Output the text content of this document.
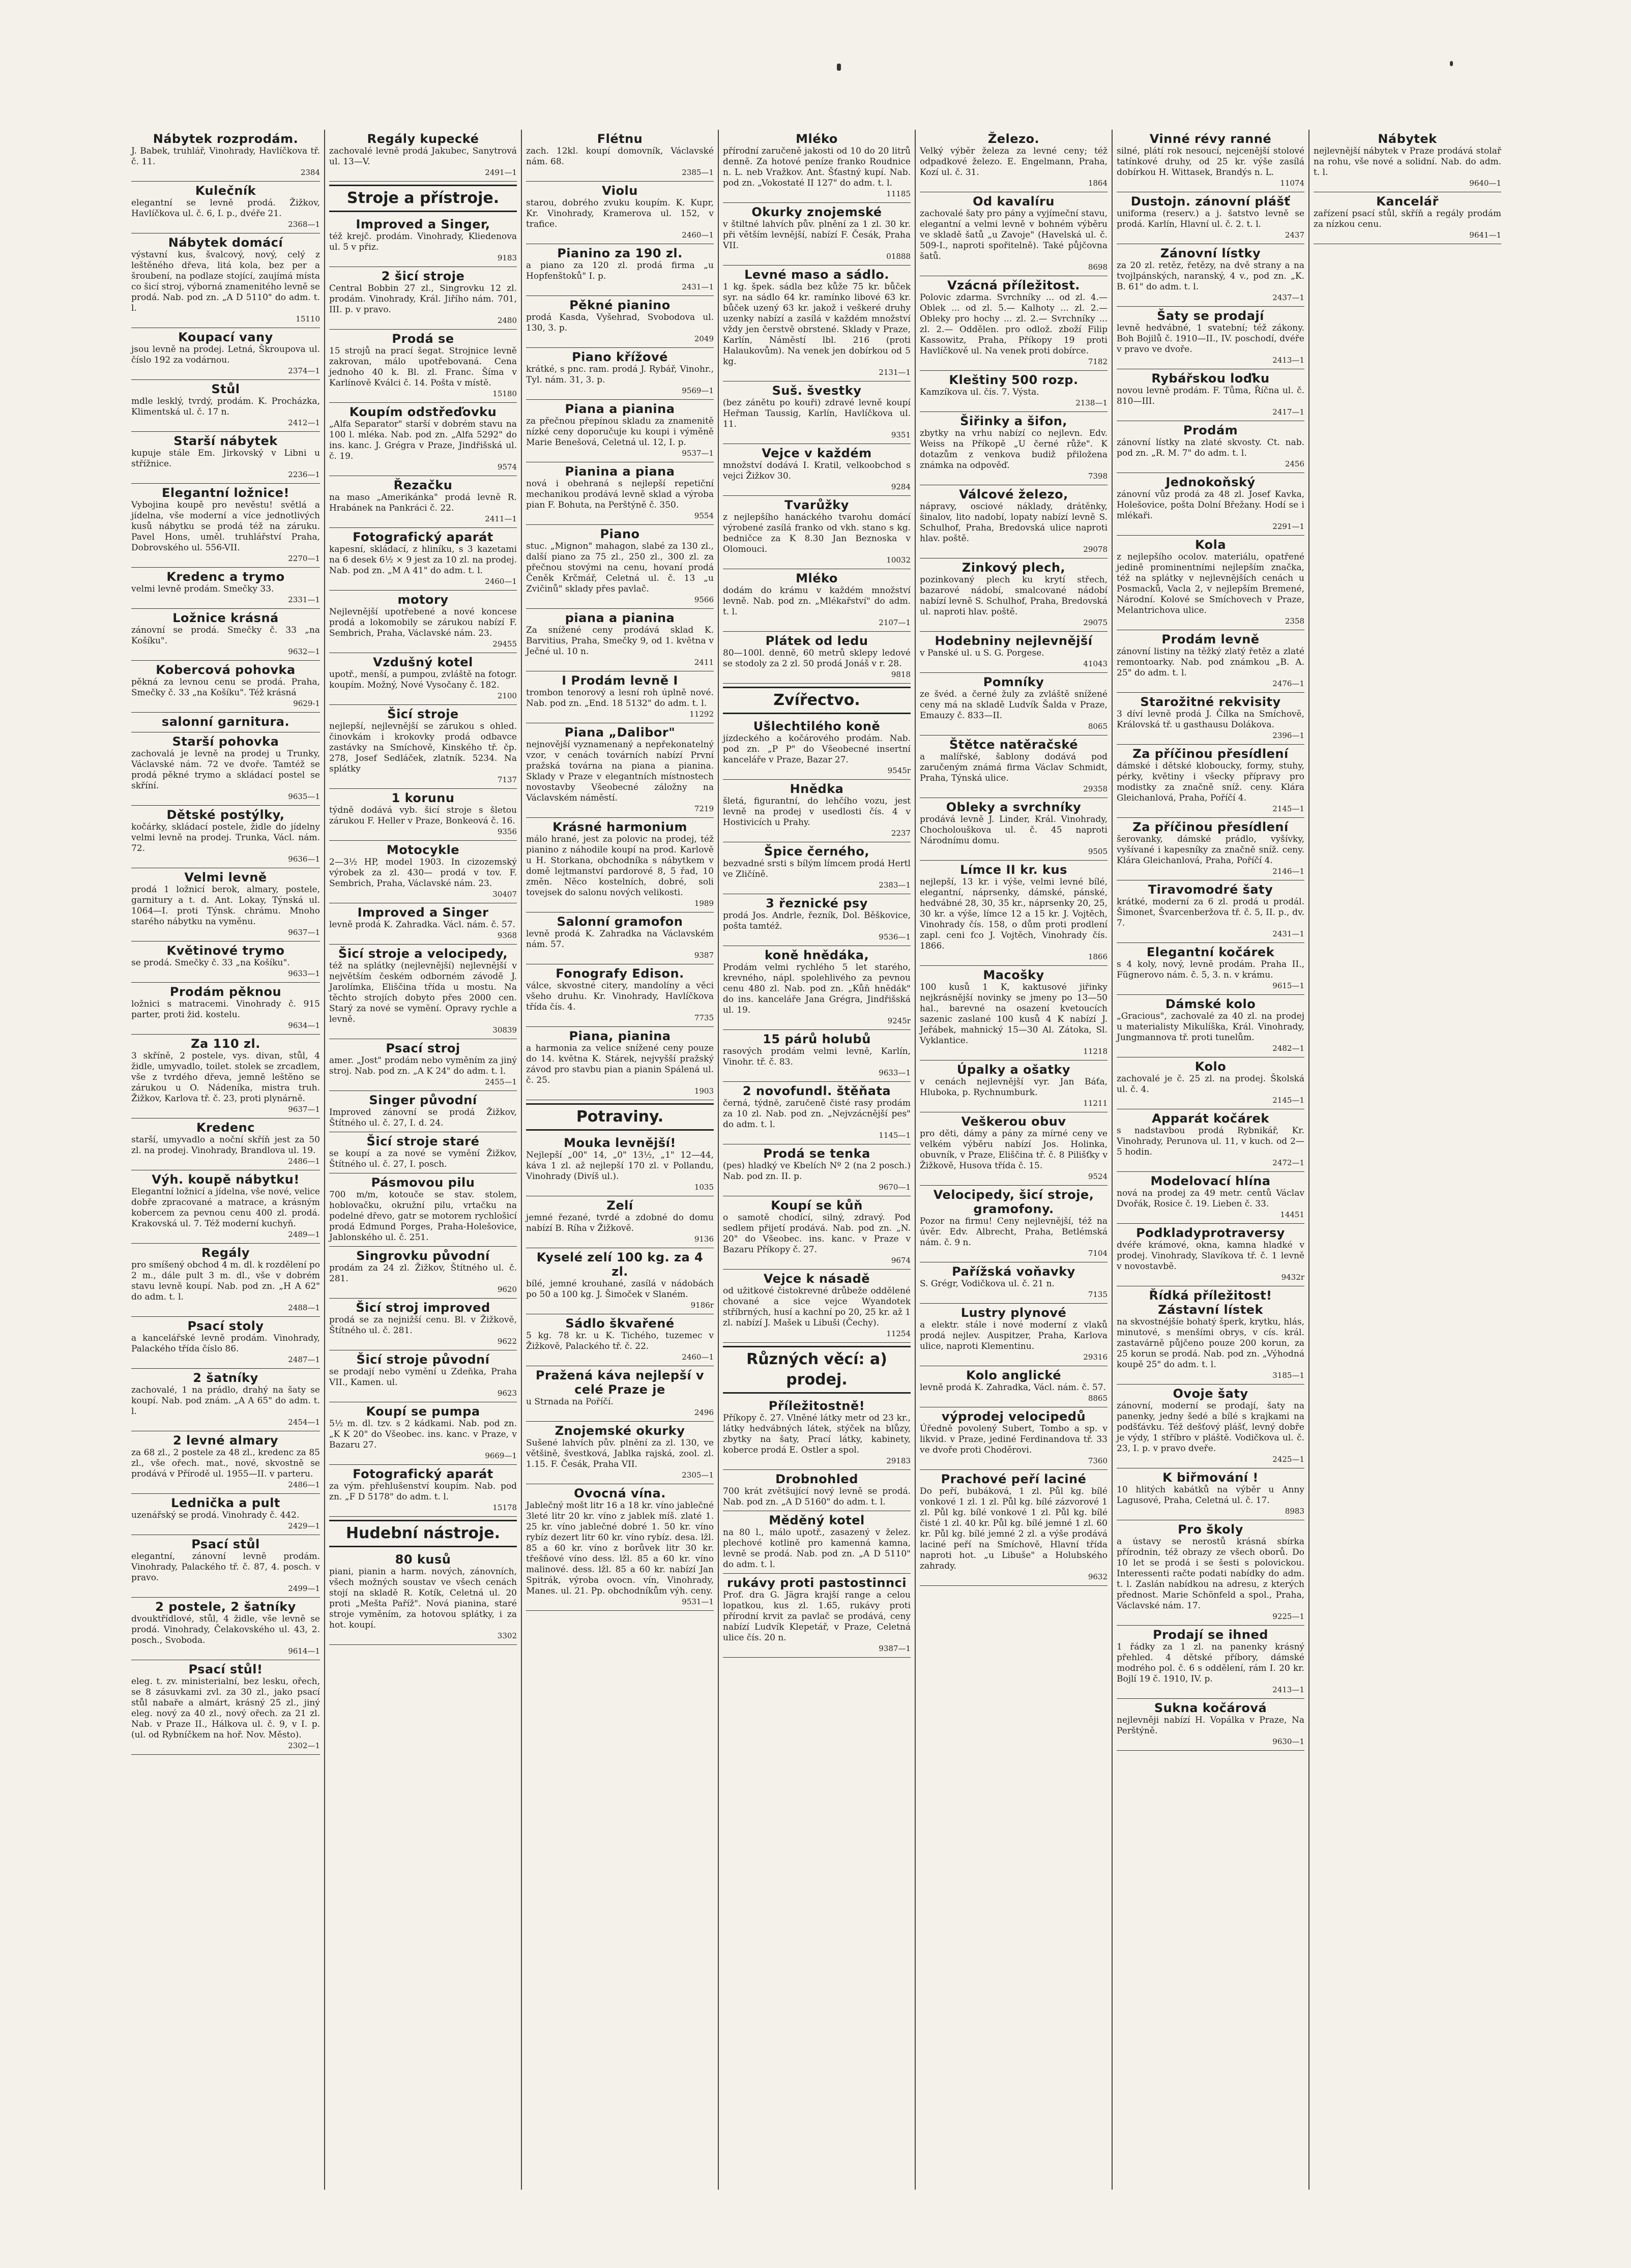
Nábytek rozprodám.
J. Babek, truhlář, Vinohrady, Havlíčkova tř. č. 11.
2384
Kulečník
elegantní se levně prodá. Žižkov, Havlíčkova ul. č. 6, I. p., dvéře 21.
2368—1
Nábytek domácí
výstavní kus, švalcový, nový, celý z leštěného dřeva, litá kola, bez per a šroubení, na podlaze stojící, zaujímá místa co šicí stroj, výborná znamenitého levně se prodá. Nab. pod zn. „A D 5110" do adm. t. l.
15110
Koupací vany
jsou levně na prodej. Letná, Škroupova ul. číslo 192 za vodárnou.
2374—1
Stůl
mdle lesklý, tvrdý, prodám. K. Procházka, Klimentská ul. č. 17 n.
2412—1
Starší nábytek
kupuje stále Em. Jirkovský v Libni u střížnice.
2236—1
Elegantní ložnice!
Vybojina koupě pro nevěstu! světlá a jídelna, vše moderní a více jednotlivých kusů nábytku se prodá též na záruku. Pavel Hons, uměl. truhlářství Praha, Dobrovského ul. 556-VII.
2270—1
Kredenc a trymo
velmi levně prodám. Smečky 33.
2331—1
Ložnice krásná
zánovní se prodá. Smečky č. 33 „na Košíku".
9632—1
Kobercová pohovka
pěkná za levnou cenu se prodá. Praha, Smečky č. 33 „na Košíku". Též krásná
9629-1
salonní garnitura.
Starší pohovka
zachovalá je levně na prodej u Trunky, Václavské nám. 72 ve dvoře. Tamtéž se prodá pěkné trymo a skládací postel se skříní.
9635—1
Dětské postýlky,
kočárky, skládací postele, židle do jídelny velmi levně na prodej. Trunka, Václ. nám. 72.
9636—1
Velmi levně
prodá 1 ložnicí berok, almary, postele, garnitury a t. d. Ant. Lokay, Týnská ul. 1064—I. proti Týnsk. chrámu. Mnoho starého nábytku na vyměnu.
9637—1
Květinové trymo
se prodá. Smečky č. 33 „na Košíku".
9633—1
Prodám pěknou
ložnici s matracemi. Vinohrady č. 915 parter, proti žid. kostelu.
9634—1
Za 110 zl.
3 skříně, 2 postele, vys. divan, stůl, 4 židle, umyvadlo, toilet. stolek se zrcadlem, vše z tvrdého dřeva, jemně leštěno se zárukou u O. Nádeníka, mistra truh. Žižkov, Karlova tř. č. 23, proti plynárně.
9637—1
Kredenc
starší, umyvadlo a noční skříň jest za 50 zl. na prodej. Vinohrady, Brandlova ul. 19.
2486—1
Výh. koupě nábytku!
Elegantní ložnicí a jídelna, vše nové, velice dobře zpracované a matrace, a krásným kobercem za pevnou cenu 400 zl. prodá. Krakovská ul. 7. Též moderní kuchyň.
2489—1
Regály
pro smíšený obchod 4 m. dl. k rozdělení po 2 m., dále pult 3 m. dl., vše v dobrém stavu levně koupí. Nab. pod zn. „H A 62" do adm. t. l.
2488—1
Psací stoly
a kancelářské levně prodám. Vinohrady, Palackého třída číslo 86.
2487—1
2 šatníky
zachovalé, 1 na prádlo, drahý na šaty se koupí. Nab. pod znám. „A A 65" do adm. t. l.
2454—1
2 levné almary
za 68 zl., 2 postele za 48 zl., kredenc za 85 zl., vše ořech. mat., nové, skvostně se prodává v Přírodě ul. 1955—II. v parteru.
2486—1
Lednička a pult
uzenářský se prodá. Vinohrady č. 442.
2429—1
Psací stůl
elegantní, zánovní levně prodám. Vinohrady, Palackého tř. č. 87, 4. posch. v pravo.
2499—1
2 postele, 2 šatníky
dvouktřídlové, stůl, 4 židle, vše levně se prodá. Vinohrady, Čelakovského ul. 43, 2. posch., Svoboda.
9614—1
Psací stůl!
eleg. t. zv. ministerialní, bez lesku, ořech, se 8 zásuvkami zvl. za 30 zl., jako psací stůl nabaře a almárt, krásný 25 zl., jiný eleg. nový za 40 zl., nový ořech. za 21 zl. Nab. v Praze II., Hálkova ul. č. 9, v I. p. (ul. od Rybníčkem na hoř. Nov. Město).
2302—1
Regály kupecké
zachovalé levně prodá Jakubec, Sanytrová ul. 13—V.
2491—1
Stroje a přístroje.
Improved a Singer,
též krejč. prodám. Vinohrady, Kliedenova ul. 5 v přiz.
9183
2 šicí stroje
Central Bobbin 27 zl., Singrovku 12 zl. prodám. Vinohrady, Král. Jiřího nám. 701, III. p. v pravo.
2480
Prodá se
15 strojů na prací šegat. Strojnice levně zakrovan, málo upotřebovaná. Cena jednoho 40 k. Bl. zl. Franc. Šíma v Karlínově Kválci č. 14. Pošta v místě.
15180
Koupím odstřeďovku
„Alfa Separator" starší v dobrém stavu na 100 l. mléka. Nab. pod zn. „Alfa 5292" do ins. kanc. J. Grégra v Praze, Jindřišská ul. č. 19.
9574
Řezačku
na maso „Amerikánka" prodá levně R. Hrabánek na Pankráci č. 22.
2411—1
Fotografický aparát
kapesní, skládací, z hliníku, s 3 kazetami na 6 desek 6½ × 9 jest za 10 zl. na prodej. Nab. pod zn. „M A 41" do adm. t. l.
2460—1
motory
Nejlevnější upotřebené a nové koncese prodá a lokomobily se zárukou nabízí F. Sembrich, Praha, Václavské nám. 23.
29455
Vzdušný kotel
upotř., menší, a pumpou, zvláště na fotogr. koupím. Možný, Nové Vysočany č. 182.
2100
Šicí stroje
nejlepší, nejlevnější se zárukou s ohled. činovkám i krokovky prodá odbavce zastávky na Smíchově, Kinského tř. čp. 278, Josef Sedláček, zlatník. 5234. Na splátky
7137
1 korunu
týdně dodává vyb. šicí stroje s šletou zárukou F. Heller v Praze, Bonkeová č. 16.
9356
Motocykle
2—3½ HP, model 1903. In cizozemský výrobek za zl. 430— prodá v tov. F. Sembrich, Praha, Václavské nám. 23.
30407
Improved a Singer
levně prodá K. Zahradka. Václ. nám. č. 57.
9368
Šicí stroje a velocipedy,
též na splátky (nejlevnější) nejlevnější v největším českém odborném závodě J. Jarolímka, Eliščina třída u mostu. Na těchto strojích dobyto přes 2000 cen. Starý za nové se vymění. Opravy rychle a levně.
30839
Psací stroj
amer. „Jost" prodám nebo vyměním za jiný stroj. Nab. pod zn. „A K 24" do adm. t. l.
2455—1
Singer původní
Improved zánovní se prodá Žižkov, Štítného ul. č. 27, I. d. 24.
Šicí stroje staré
se koupí a za nové se vymění Žižkov, Štítného ul. č. 27, I. posch.
Pásmovou pilu
700 m/m, kotouče se stav. stolem, hoblovačku, okružní pilu, vrtačku na podelné dřevo, gatr se motorem rychlošicí prodá Edmund Porges, Praha-Holešovice, Jablonského ul. č. 251.
Singrovku původní
prodám za 24 zl. Žižkov, Štítného ul. č. 281.
9620
Šicí stroj improved
prodá se za nejnižší cenu. Bl. v Žižkově, Štítného ul. č. 281.
9622
Šicí stroje původní
se prodají nebo vymění u Zdeňka, Praha VII., Kamen. ul.
9623
Koupí se pumpa
5½ m. dl. tzv. s 2 kádkami. Nab. pod zn. „K K 20" do Všeobec. ins. kanc. v Praze, v Bazaru 27.
9669—1
Fotografický aparát
za vým. přehlušenství koupím. Nab. pod zn. „F D 5178" do adm. t. l.
15178
Hudební nástroje.
80 kusů
piani, pianin a harm. nových, zánovních, všech možných soustav ve všech cenách stojí na skladě R. Kotík, Celetná ul. 20 proti „Mešta Paříž". Nová pianina, staré stroje vyměním, za hotovou splátky, i za hot. koupí.
3302
Flétnu
zach. 12kl. koupí domovník, Václavské nám. 68.
2385—1
Violu
starou, dobrého zvuku koupím. K. Kupr, Kr. Vinohrady, Kramerova ul. 152, v trafice.
2460—1
Pianino za 190 zl.
a piano za 120 zl. prodá firma „u Hopfenštoků" I. p.
2431—1
Pěkné pianino
prodá Kasda, Vyšehrad, Svobodova ul. 130, 3. p.
2049
Piano křížové
krátké, s pnc. ram. prodá J. Rybář, Vinohr., Tyl. nám. 31, 3. p.
9569—1
Piana a pianina
za přečnou přepínou skladu za znamenitě nízké ceny doporučuje ku koupi i výměně Marie Benešová, Celetná ul. 12, I. p.
9537—1
Pianina a piana
nová i obehraná s nejlepší repetiční mechanikou prodává levně sklad a výroba pian F. Bohuta, na Perštýně č. 350.
9554
Piano
stuc. „Mignon" mahagon, slabé za 130 zl., další piano za 75 zl., 250 zl., 300 zl. za přečnou stovými na cenu, hovaní prodá Čeněk Krčmář, Celetná ul. č. 13 „u Zvičinů" sklady přes pavlač.
9566
piana a pianina
Za snížené ceny prodává sklad K. Barvitius, Praha, Smečky 9, od 1. května v Ječné ul. 10 n.
2411
I Prodám levně I
trombon tenorový a lesní roh úplně nové. Nab. pod zn. „End. 18 5132" do adm. t. l.
11292
Piana „Dalibor"
nejnovější vyznamenaný a nepřekonatelný vzor, v cenách továrních nabízí První pražská továrna na piana a pianina. Sklady v Praze v elegantních místnostech novostavby Všeobecné záložny na Václavském náměstí.
7219
Krásné harmonium
málo hrané, jest za polovic na prodej, též pianino z náhodile koupí na prod. Karlově u H. Storkana, obchodníka s nábytkem v domě lejtmanství pardorové 8, 5 řad, 10 změn. Něco kostelních, dobré, soli tovejsek do salonu nových velikosti.
1989
Salonní gramofon
levně prodá K. Zahradka na Václavském nám. 57.
9387
Fonografy Edison.
válce, skvostné citery, mandolíny a věci všeho druhu. Kr. Vinohrady, Havlíčkova třída čís. 4.
7735
Piana, pianina
a harmonia za velice snížené ceny pouze do 14. května K. Stárek, nejvyšší pražský závod pro stavbu pian a pianin Spálená ul. č. 25.
1903
Potraviny.
Mouka levnější!
Nejlepší „00" 14, „0" 13½, „1" 12—44, káva 1 zl. až nejlepší 170 zl. v Pollandu, Vinohrady (Divíš ul.).
1035
Zelí
jemné řezané, tvrdé a zdobné do domu nabízí B. Ríha v Žižkově.
9136
Kyselé zelí 100 kg. za 4 zl.
bílé, jemné krouhané, zasílá v nádobách po 50 a 100 kg. J. Šimoček v Slaném.
9186r
Sádlo škvařené
5 kg. 78 kr. u K. Tichého, tuzemec v Žižkově, Palackého tř. č. 22.
2460—1
Pražená káva nejlepší v celé Praze je
u Strnada na Poříčí.
2496
Znojemské okurky
Sušené lahvích pův. plnění za zl. 130, ve většině, švestková, Jablka rajská, zool. zl. 1.15. F. Česák, Praha VII.
2305—1
Ovocná vína.
Jablečný mošt litr 16 a 18 kr. víno jablečné 3leté litr 20 kr. víno z jablek míš. zlaté 1. 25 kr. víno jablečné dobré 1. 50 kr. víno rybíz dezert litr 60 kr. víno rybíz. desa. lžl. 85 a 60 kr. víno z borůvek litr 30 kr. třešňové víno dess. lžl. 85 a 60 kr. víno malinové. dess. lžl. 85 a 60 kr. nabízí Jan Spitrák, výroba ovocn. vín, Vinohrady, Manes. ul. 21. Pp. obchodníkům výh. ceny.
9531—1
Mléko
přírodní zaručeně jakosti od 10 do 20 litrů denně. Za hotové peníze franko Roudnice n. L. neb Vražkov. Ant. Šťastný kupí. Nab. pod zn. „Vokostaté II 127" do adm. t. l.
11185
Okurky znojemské
v štiltné lahvích pův. plnění za 1 zl. 30 kr. při větším levnější, nabízí F. Česák, Praha VII.
01888
Levné maso a sádlo.
1 kg. špek. sádla bez kůže 75 kr. bůček syr. na sádlo 64 kr. ramínko libové 63 kr. bůček uzený 63 kr. jakož i veškeré druhy uzenky nabízí a zasílá v každém množství vždy jen čerstvě obrstené. Sklady v Praze, Karlín, Náměstí lbl. 216 (proti Halaukovům). Na venek jen dobírkou od 5 kg.
2131—1
Suš. švestky
(bez zánětu po kouři) zdravé levně koupí Heřman Taussig, Karlín, Havlíčkova ul. 11.
9351
Vejce v každém
množství dodává I. Kratil, velkoobchod s vejci Žižkov 30.
9284
Tvarůžky
z nejlepšího hanáckého tvarohu domácí výrobené zasílá franko od vkh. stano s kg. bedničce za K 8.30 Jan Beznoska v Olomouci.
10032
Mléko
dodám do krámu v každém množství levně. Nab. pod zn. „Mlékařství" do adm. t. l.
2107—1
Plátek od ledu
80—100l. denně, 60 metrů sklepy ledové se stodoly za 2 zl. 50 prodá Jonáš v r. 28.
9818
Zvířectvo.
Ušlechtilého koně
jízdeckého a kočárového prodám. Nab. pod zn. „P P" do Všeobecné insertní kanceláře v Praze, Bazar 27.
9545r
Hnědka
šletá, figurantní, do lehčího vozu, jest levně na prodej v usedlosti čís. 4 v Hostivicích u Prahy.
2237
Špice černého,
bezvadné srsti s bílým límcem prodá Hertl ve Zličíně.
2383—1
3 řeznické psy
prodá Jos. Andrle, řezník, Dol. Běškovice, pošta tamtéž.
9536—1
koně hnědáka,
Prodám velmi rychlého 5 let starého, krevného, nápl. spolehlivého za pevnou cenu 480 zl. Nab. pod zn. „Kůň hnědák" do ins. kanceláře Jana Grégra, Jindřišská ul. 19.
9245r
15 párů holubů
rasových prodám velmi levně, Karlín, Vinohr. tř. č. 83.
9633—1
2 novofundl. štěňata
černá, týdně, zaručeně čisté rasy prodám za 10 zl. Nab. pod zn. „Nejvzácnější pes" do adm. t. l.
1145—1
Prodá se tenka
(pes) hladký ve Kbelích Nº 2 (na 2 posch.) Nab. pod zn. II. p.
9670—1
Koupí se kůň
o samotě chodící, silný, zdravý. Pod sedlem přijetí prodává. Nab. pod zn. „N. 20" do Všeobec. ins. kanc. v Praze v Bazaru Příkopy č. 27.
9674
Vejce k násadě
od užitkové čistokrevné drůbeže oddělené chované a sice vejce Wyandotek stříbrných, husí a kachní po 20, 25 kr. až 1 zl. nabízí J. Mašek u Libuši (Čechy).
11254
Různých věcí: a) prodej.
Příležitostně!
Příkopy č. 27. Vlněné látky metr od 23 kr., látky hedvábných látek, stýček na blůzy, zbytky na šaty, Prací látky, kabinety, koberce prodá E. Ostler a spol.
29183
Drobnohled
700 krát zvětšující nový levně se prodá. Nab. pod zn. „A D 5160" do adm. t. l.
Měděný kotel
na 80 l., málo upotř., zasazený v želez. plechové kotlině pro kamenná kamna, levně se prodá. Nab. pod zn. „A D 5110" do adm. t. l.
rukávy proti pastostinnci
Prof. dra G. Jägra krajší range a celou lopatkou, kus zl. 1.65, rukávy proti přírodní krvit za pavlač se prodává, ceny nabízí Ludvík Klepetář, v Praze, Celetná ulice čís. 20 n.
9387—1
Železo.
Velký výběr železa za levné ceny; též odpadkové železo. E. Engelmann, Praha, Kozí ul. č. 31.
1864
Od kavalíru
zachovalé šaty pro pány a vyjímeční stavu, elegantní a velmi levně v bohném výběru ve skladě šatů „u Zavoje" (Havelská ul. č. 509-I., naproti spořitelně). Také půjčovna šatů.
8698
Vzácná příležitost.
Polovic zdarma. Svrchníky ... od zl. 4.— Oblek ... od zl. 5.— Kalhoty ... zl. 2.— Obleky pro hochy ... zl. 2.— Svrchníky ... zl. 2.— Oddělen. pro odlož. zboží Filip Kassowitz, Praha, Příkopy 19 proti Havlíčkově ul. Na venek proti dobírce.
7182
Kleštiny 500 rozp.
Kamzíkova ul. čís. 7. Výsta.
2138—1
Šiřinky a šifon,
zbytky na vrhu nabízí co nejlevn. Edv. Weiss na Příkopě „U černé růže". K dotazům z venkova budiž přiložena známka na odpověď.
7398
Válcové železo,
nápravy, osciové náklady, drátěnky, šinalov, lito nadobí, lopaty nabízí levně S. Schulhof, Praha, Bredovská ulice naproti hlav. poště.
29078
Zinkový plech,
pozinkovaný plech ku krytí střech, bazarové nádobí, smalcované nádobí nabízí levně S. Schulhof, Praha, Bredovská ul. naproti hlav. poště.
29075
Hodebniny nejlevnější
v Panské ul. u S. G. Porgese.
41043
Pomníky
ze švéd. a černé žuly za zvláště snížené ceny má na skladě Ludvík Šalda v Praze, Emauzy č. 833—II.
8065
Štětce natěračské
a malířské, šablony dodává pod zaručeným známá firma Václav Schmidt, Praha, Týnská ulice.
29358
Obleky a svrchníky
prodává levně J. Linder, Král. Vinohrady, Chocholouškova ul. č. 45 naproti Národnímu domu.
9505
Límce II kr. kus
nejlepší, 13 kr. i výše, velmi levné bílé, elegantní, náprsenky, dámské, pánské, hedvábné 28, 30, 35 kr., náprsenky 20, 25, 30 kr. a výše, límce 12 a 15 kr. J. Vojtěch, Vinohrady čís. 158, o dům proti prodlení zapl. ceni fco J. Vojtěch, Vinohrady čís. 1866.
1866
Macošky
100 kusů 1 K, kaktusové jiřinky nejkrásnější novinky se jmeny po 13—50 hal., barevné na osazení kvetoucích sazenic zaslané 100 kusů 4 K nabízí J. Jeřábek, mahnický 15—30 Al. Zátoka, Sl. Vyklantice.
11218
Úpalky a ošatky
v cenách nejlevnější vyr. Jan Báťa, Hluboka, p. Rychnumburk.
11211
Veškerou obuv
pro děti, dámy a pány za mírné ceny ve velkém výběru nabízí Jos. Holinka, obuvník, v Praze, Eliščina tř. č. 8 Pilišťky v Žižkově, Husova třída č. 15.
9524
Velocipedy, šicí stroje, gramofony.
Pozor na firmu! Ceny nejlevnější, též na úvěr. Edv. Albrecht, Praha, Betlémská nám. č. 9 n.
7104
Pařížská voňavky
S. Grégr, Vodičkova ul. č. 21 n.
7135
Lustry plynové
a elektr. stále i nové moderní z vlaků prodá nejlev. Auspitzer, Praha, Karlova ulice, naproti Klementinu.
29316
Kolo anglické
levně prodá K. Zahradka, Václ. nám. č. 57.
8865
výprodej velocipedů
Úředně povolený Subert, Tombo a sp. v likvid. v Praze, jediné Ferdinandova tř. 33 ve dvoře proti Choděrovi.
7360
Prachové peří laciné
Do peří, bubáková, 1 zl. Půl kg. bílé vonkové 1 zl. 1 zl. Půl kg. bílé zázvorové 1 zl. Půl kg. bílé vonkové 1 zl. Půl kg. bílé čisté 1 zl. 40 kr. Půl kg. bílé jemné 1 zl. 60 kr. Půl kg. bílé jemné 2 zl. a výše prodává laciné peří na Smíchově, Hlavní třída naproti hot. „u Libuše" a Holubského zahrady.
9632
Vinné révy ranné
silné, plátí rok nesoucí, nejcenější stolové tatínkové druhy, od 25 kr. výše zasílá dobírkou H. Wittasek, Brandýs n. L.
11074
Dustojn. zánovní plášť
uniforma (reserv.) a j. šatstvo levně se prodá. Karlín, Hlavní ul. č. 2. t. l.
2437
Zánovní lístky
za 20 zl. retěz, řetězy, na dvě strany a na tvojlpánských, naranský, 4 v., pod zn. „K. B. 61" do adm. t. l.
2437—1
Šaty se prodají
levně hedvábné, 1 svatební; též zákony. Boh Bojilů č. 1910—II., IV. poschodí, dvéře v pravo ve dvoře.
2413—1
Rybářskou loďku
novou levně prodám. F. Tůma, Říčna ul. č. 810—III.
2417—1
Prodám
zánovní lístky na zlaté skvosty. Ct. nab. pod zn. „R. M. 7" do adm. t. l.
2456
Jednokoňský
zánovní vůz prodá za 48 zl. Josef Kavka, Holešovice, pošta Dolní Břežany. Hodí se i mlékaři.
2291—1
Kola
z nejlepšího ocolov. materiálu, opatřené jedině prominentními nejlepším značka, též na splátky v nejlevnějších cenách u Posmacků, Vacla 2, v nejlepším Bremené, Národní. Kolové se Smíchovech v Praze, Melantrichova ulice.
2358
Prodám levně
zánovní listiny na těžký zlatý řetěz a zlaté remontoarky. Nab. pod známkou „B. A. 25" do adm. t. l.
2476—1
Starožitné rekvisity
3 díví levně prodá J. Čílka na Smíchově, Královská tř. u gasthausu Dolákova.
2396—1
Za příčinou přesídlení
dámské i dětské kloboucky, formy, stuhy, pérky, květiny i všecky přípravy pro modistky za značně sníž. ceny. Klára Gleichanlová, Praha, Poříčí 4.
2145—1
Za příčinou přesídlení
šerovanky, dámské prádlo, vyšívky, vyšívané i kapesníky za značně sníž. ceny. Klára Gleichanlová, Praha, Poříčí 4.
2146—1
Tiravomodré šaty
krátké, moderní za 6 zl. prodá u prodál. Šimonet, Švarcenberžova tř. č. 5, II. p., dv. 7.
2431—1
Elegantní kočárek
s 4 koly, nový, levně prodám. Praha II., Fügnerovo nám. č. 5, 3. n. v krámu.
9615—1
Dámské kolo
„Gracious", zachovalé za 40 zl. na prodej u materialisty Mikulíška, Král. Vinohrady, Jungmannova tř. proti tunelům.
2482—1
Kolo
zachovalé je č. 25 zl. na prodej. Školská ul. č. 4.
2145—1
Apparát kočárek
s nadstavbou prodá Rybnikář, Kr. Vinohrady, Perunova ul. 11, v kuch. od 2—5 hodin.
2472—1
Modelovací hlína
nová na prodej za 49 metr. centů Václav Dvořák, Rosice č. 19. Lieben č. 33.
14451
Podkladyprotraversy
dvéře krámové, okna, kamna hladké v prodej. Vinohrady, Slavíkova tř. č. 1 levně v novostavbě.
9432r
Řídká příležitost! Zástavní lístek
na skvostnéjšíe bohatý šperk, krytku, hlás, minutové, s menšími obrys, v cís. král. zastavárně půjčeno pouze 200 korun, za 25 korun se prodá. Nab. pod zn. „Výhodná koupě 25" do adm. t. l.
3185—1
Ovoje šaty
zánovní, moderní se prodají, šaty na panenky, jedny šedé a bílé s krajkami na podšťávku. Též dešťový plášť, levný dobře je výdy, 1 stříbro v pláště. Vodičkova ul. č. 23, I. p. v pravo dveře.
2425—1
K biřmování !
10 hlitých kabátků na výběr u Anny Lagusové, Praha, Celetná ul. č. 17.
8983
Pro školy
a ústavy se nerostů krásná sbírka přírodnin, též obrazy ze všech oborů. Do 10 let se prodá i se šesti s polovickou. Interessenti račte podati nabídky do adm. t. l. Zaslán nabídkou na adresu, z kterých přednost. Marie Schönfeld a spol., Praha, Václavské nám. 17.
9225—1
Prodají se ihned
1 řádky za 1 zl. na panenky krásný přehled. 4 dětské příbory, dámské modrého pol. č. 6 s oddělení, rám I. 20 kr. Bojlí 19 č. 1910, IV. p.
2413—1
Sukna kočárová
nejlevněji nabízí H. Vopálka v Praze, Na Perštýně.
9630—1
Nábytek
nejlevnější nábytek v Praze prodává stolař na rohu, vše nové a solidní. Nab. do adm. t. l.
9640—1
Kancelář
zařízení psací stůl, skříň a regály prodám za nízkou cenu.
9641—1
